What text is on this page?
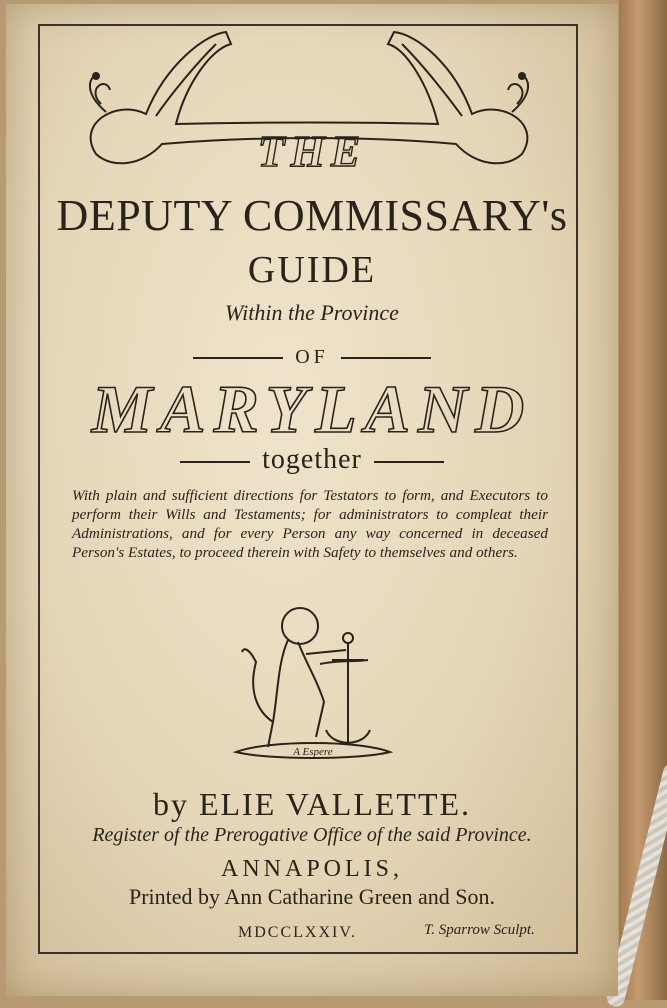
THE
DEPUTY COMMISSARY's
GUIDE
Within the Province
OF
MARYLAND
together
With plain and sufficient directions for Testators to form, and Executors to perform their Wills and Testaments; for administrators to compleat their Administrations, and for every Person any way concerned in deceased Person's Estates, to proceed therein with Safety to themselves and others.
A Espere
by ELIE VALLETTE.
Register of the Prerogative Office of the said Province.
ANNAPOLIS,
Printed by Ann Catharine Green and Son.
MDCCLXXIV.	T. Sparrow Sculpt.
